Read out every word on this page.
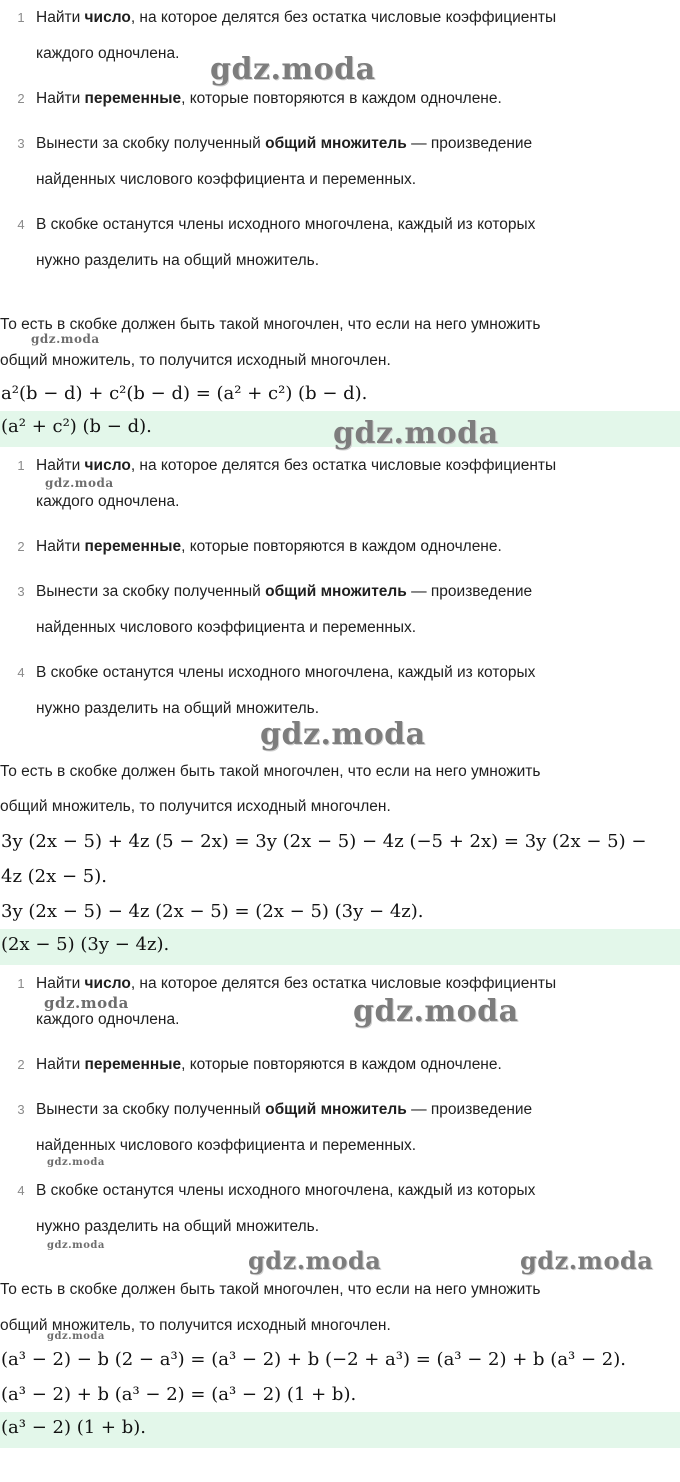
1 Найти число, на которое делятся без остатка числовые коэффициенты
каждого одночлена.
2 Найти переменные, которые повторяются в каждом одночлене.
3 Вынести за скобку полученный общий множитель — произведение
найденных числового коэффициента и переменных.
4 В скобке останутся члены исходного многочлена, каждый из которых
нужно разделить на общий множитель.

То есть в скобке должен быть такой многочлен, что если на него умножить

общий множитель, то получится исходный многочлен.

a²(b − d) + c²(b − d) = (a² + c²) (b − d).

(a² + c²) (b − d).

1 Найти число, на которое делятся без остатка числовые коэффициенты
каждого одночлена.
2 Найти переменные, которые повторяются в каждом одночлене.
3 Вынести за скобку полученный общий множитель — произведение
найденных числового коэффициента и переменных.
4 В скобке останутся члены исходного многочлена, каждый из которых
нужно разделить на общий множитель.

То есть в скобке должен быть такой многочлен, что если на него умножить

общий множитель, то получится исходный многочлен.

3y (2x − 5) + 4z (5 − 2x) = 3y (2x − 5) − 4z (−5 + 2x) = 3y (2x − 5) −

4z (2x − 5).

3y (2x − 5) − 4z (2x − 5) = (2x − 5) (3y − 4z).

(2x − 5) (3y − 4z).

1 Найти число, на которое делятся без остатка числовые коэффициенты
каждого одночлена.
2 Найти переменные, которые повторяются в каждом одночлене.
3 Вынести за скобку полученный общий множитель — произведение
найденных числового коэффициента и переменных.
4 В скобке останутся члены исходного многочлена, каждый из которых
нужно разделить на общий множитель.

То есть в скобке должен быть такой многочлен, что если на него умножить

общий множитель, то получится исходный многочлен.

(a³ − 2) − b (2 − a³) = (a³ − 2) + b (−2 + a³) = (a³ − 2) + b (a³ − 2).

(a³ − 2) + b (a³ − 2) = (a³ − 2) (1 + b).

(a³ − 2) (1 + b).

gdz.moda
gdz.moda
gdz.moda
gdz.moda
gdz.moda
gdz.moda	gdz.moda
gdz.moda
gdz.moda
gdz.moda	gdz.moda
gdz.moda
